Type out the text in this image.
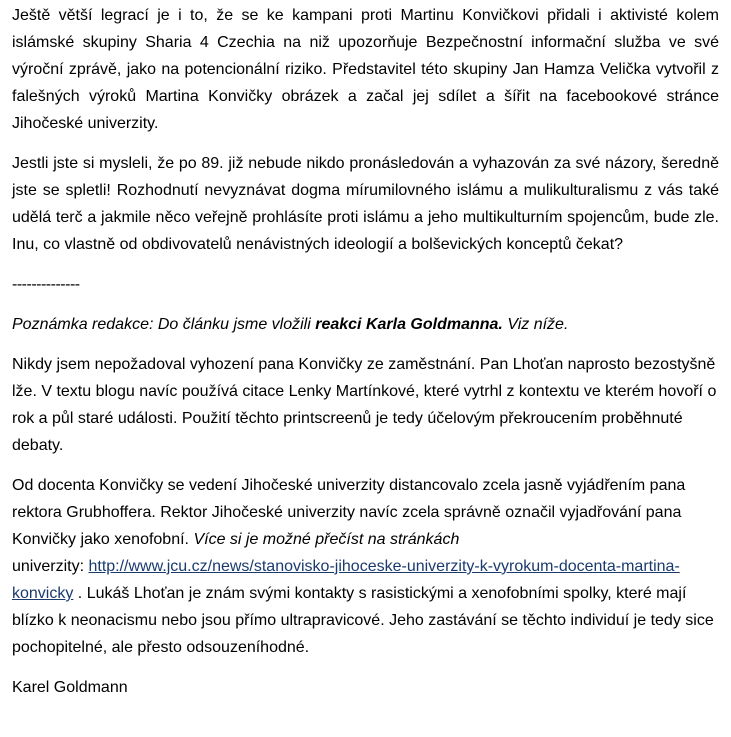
Ještě větší legrací je i to, že se ke kampani proti Martinu Konvičkovi přidali i aktivisté kolem islámské skupiny Sharia 4 Czechia na niž upozorňuje Bezpečnostní informační služba ve své výroční zprávě, jako na potencionální riziko. Představitel této skupiny Jan Hamza Velička vytvořil z falešných výroků Martina Konvičky obrázek a začal jej sdílet a šířit na facebookové stránce Jihočeské univerzity.

Jestli jste si mysleli, že po 89. již nebude nikdo pronásledován a vyhazován za své názory, šeredně jste se spletli! Rozhodnutí nevyznávat dogma mírumilovného islámu a mulikulturalismu z vás také udělá terč a jakmile něco veřejně prohlásíte proti islámu a jeho multikulturním spojencům, bude zle. Inu, co vlastně od obdivovatelů nenávistných ideologií a bolševických konceptů čekat?

--------------

Poznámka redakce: Do článku jsme vložili reakci Karla Goldmanna. Viz níže.

Nikdy jsem nepožadoval vyhození pana Konvičky ze zaměstnání. Pan Lhoťan naprosto bezostyšně lže. V textu blogu navíc používá citace Lenky Martínkové, které vytrhl z kontextu ve kterém hovoří o rok a půl staré události. Použití těchto printscreenů je tedy účelovým překroucením proběhnuté debaty.

Od docenta Konvičky se vedení Jihočeské univerzity distancovalo zcela jasně vyjádřením pana rektora Grubhoffera. Rektor Jihočeské univerzity navíc zcela správně označil vyjadřování pana Konvičky jako xenofobní. Více si je možné přečíst na stránkách
univerzity: http://www.jcu.cz/news/stanovisko-jihoceske-univerzity-k-vyrokum-docenta-martina-konvicky . Lukáš Lhoťan je znám svými kontakty s rasistickými a xenofobními spolky, které mají blízko k neonacismu nebo jsou přímo ultrapravicové. Jeho zastávání se těchto individuí je tedy sice pochopitelné, ale přesto odsouzeníhodné.

Karel Goldmann
